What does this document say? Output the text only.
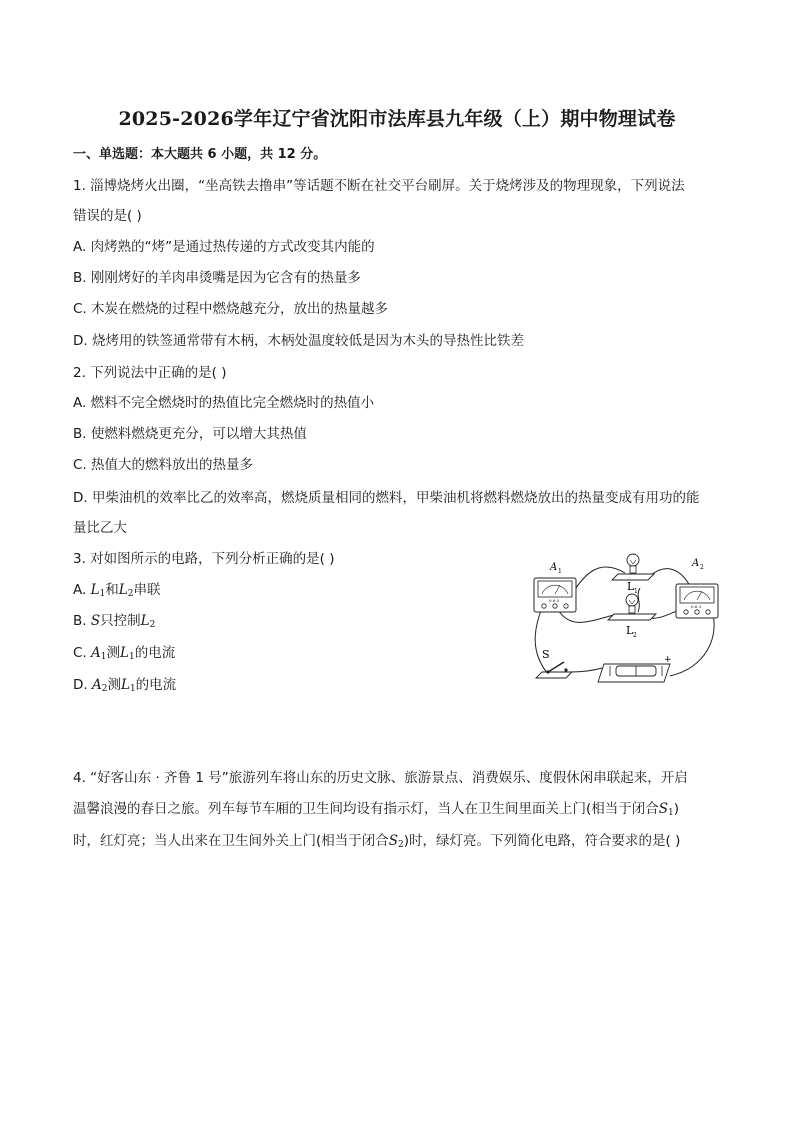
2025-2026学年辽宁省沈阳市法库县九年级（上）期中物理试卷
一、单选题：本大题共 6 小题，共 12 分。
1. 淄博烧烤火出圈，“坐高铁去撸串”等话题不断在社交平台刷屏。关于烧烤涉及的物理现象，下列说法
错误的是( )
A. 肉烤熟的“烤”是通过热传递的方式改变其内能的
B. 刚刚烤好的羊肉串烫嘴是因为它含有的热量多
C. 木炭在燃烧的过程中燃烧越充分，放出的热量越多
D. 烧烤用的铁签通常带有木柄，木柄处温度较低是因为木头的导热性比铁差
2. 下列说法中正确的是( )
A. 燃料不完全燃烧时的热值比完全燃烧时的热值小
B. 使燃料燃烧更充分，可以增大其热值
C. 热值大的燃料放出的热量多
D. 甲柴油机的效率比乙的效率高，燃烧质量相同的燃料，甲柴油机将燃料燃烧放出的热量变成有用功的能
量比乙大
3. 对如图所示的电路，下列分析正确的是( )
A. $L_1$和$L_2$串联
B. S只控制$L_2$
C. $A_1$测$L_1$的电流
D. $A_2$测$L_1$的电流
0.6 3
A 1
0.6 3
A 2
L 1
L 2
S	+
4. “好客山东 · 齐鲁 1 号”旅游列车将山东的历史文脉、旅游景点、消费娱乐、度假休闲串联起来，开启
温馨浪漫的春日之旅。列车每节车厢的卫生间均设有指示灯，当人在卫生间里面关上门(相当于闭合$S_1$)
时，红灯亮；当人出来在卫生间外关上门(相当于闭合$S_2$)时，绿灯亮。下列简化电路，符合要求的是( )
